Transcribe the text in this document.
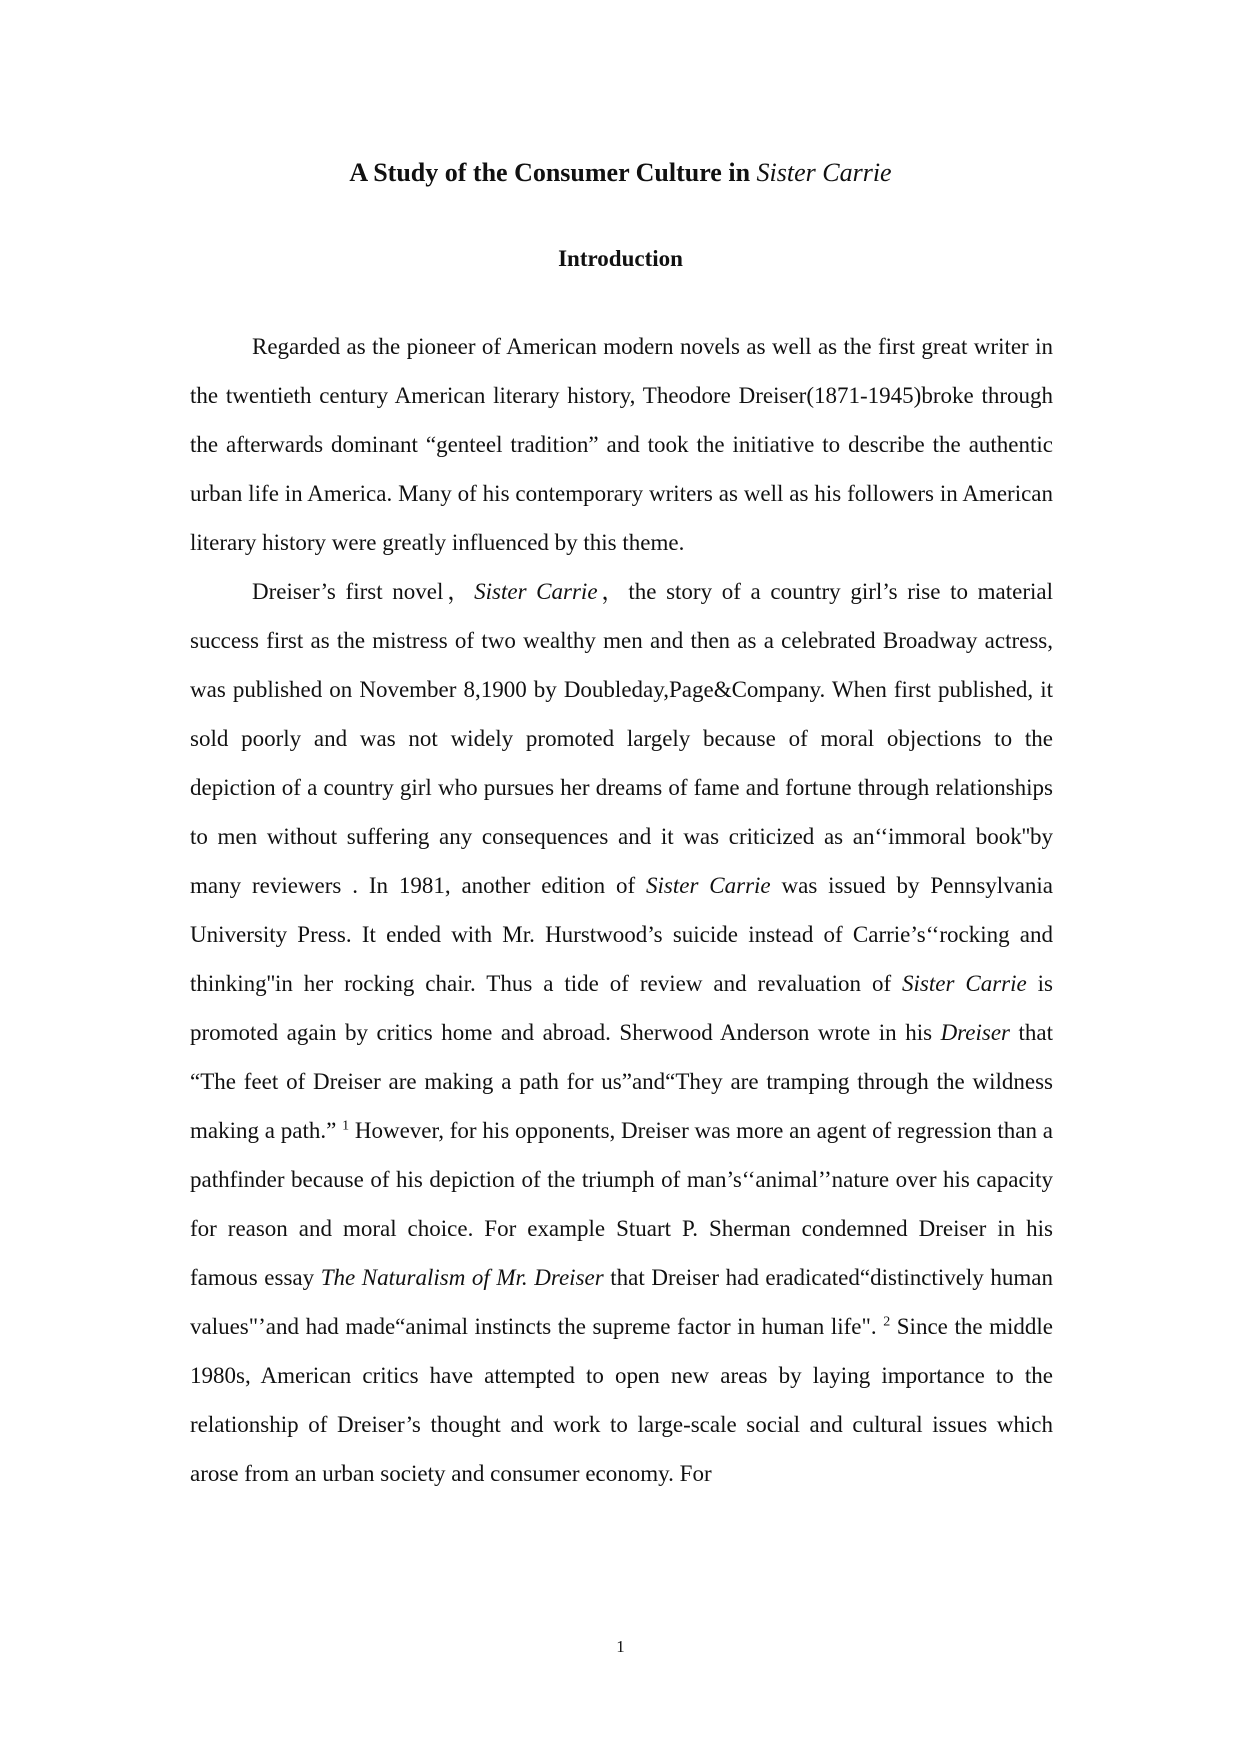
A Study of the Consumer Culture in Sister Carrie
Introduction

Regarded as the pioneer of American modern novels as well as the first great writer in the twentieth century American literary history, Theodore Dreiser(1871-1945)broke through the afterwards dominant “genteel tradition” and took the initiative to describe the authentic urban life in America. Many of his contemporary writers as well as his followers in American literary history were greatly influenced by this theme.

Dreiser’s first novel，Sister Carrie，the story of a country girl’s rise to material success first as the mistress of two wealthy men and then as a celebrated Broadway actress, was published on November 8,1900 by Doubleday,Page&Company. When first published, it sold poorly and was not widely promoted largely because of moral objections to the depiction of a country girl who pursues her dreams of fame and fortune through relationships to men without suffering any consequences and it was criticized as an‘‘immoral book''by many reviewers . In 1981, another edition of Sister Carrie was issued by Pennsylvania University Press. It ended with Mr. Hurstwood’s suicide instead of Carrie’s‘‘rocking and thinking''in her rocking chair. Thus a tide of review and revaluation of Sister Carrie is promoted again by critics home and abroad. Sherwood Anderson wrote in his Dreiser that “The feet of Dreiser are making a path for us”and“They are tramping through the wildness making a path.” $^1$ However, for his opponents, Dreiser was more an agent of regression than a pathfinder because of his depiction of the triumph of man’s‘‘animal’’nature over his capacity for reason and moral choice. For example Stuart P. Sherman condemned Dreiser in his famous essay The Naturalism of Mr. Dreiser that Dreiser had eradicated“distinctively human values"’and had made“animal instincts the supreme factor in human life". $^2$ Since the middle 1980s, American critics have attempted to open new areas by laying importance to the relationship of Dreiser’s thought and work to large-scale social and cultural issues which arose from an urban society and consumer economy. For

1
